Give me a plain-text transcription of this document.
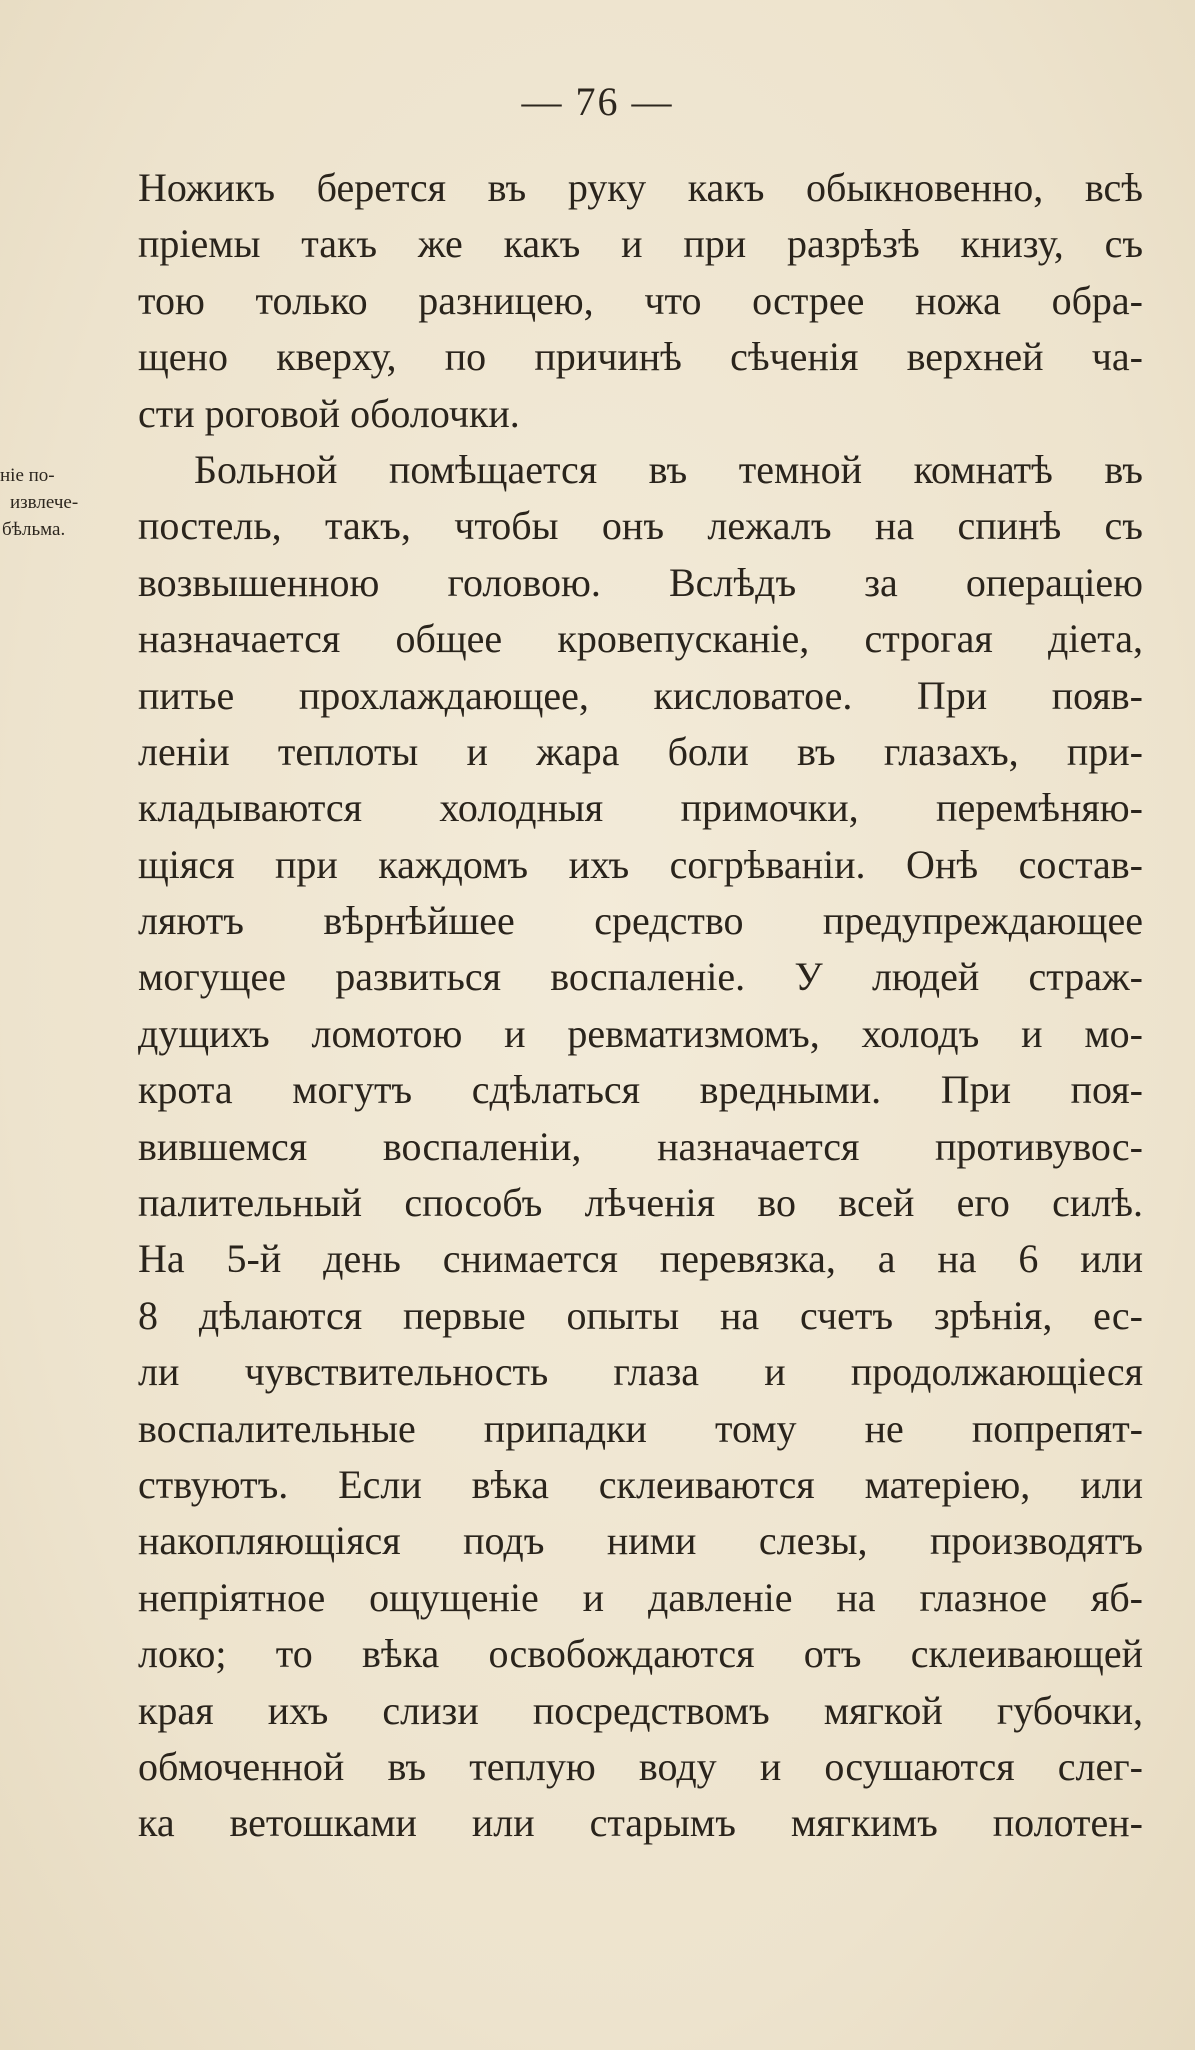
— 76 —
ніе по-
извлече-
бѣльма.
Ножикъ берется въ руку какъ обыкновенно, всѣ
пріемы такъ же какъ и при разрѣзѣ книзу, съ
тою только разницею, что острее ножа обра-
щено кверху, по причинѣ сѣченія верхней ча-
сти роговой оболочки.
Больной помѣщается въ темной комнатѣ въ
постель, такъ, чтобы онъ лежалъ на спинѣ съ
возвышенною головою. Вслѣдъ за операціею
назначается общее кровепусканіе, строгая діета,
питье прохлаждающее, кисловатое. При появ-
леніи теплоты и жара боли въ глазахъ, при-
кладываются холодныя примочки, перемѣняю-
щіяся при каждомъ ихъ согрѣваніи. Онѣ состав-
ляютъ вѣрнѣйшее средство предупреждающее
могущее развиться воспаленіе. У людей страж-
дущихъ ломотою и ревматизмомъ, холодъ и мо-
крота могутъ сдѣлаться вредными. При поя-
вившемся воспаленіи, назначается противувос-
палительный способъ лѣченія во всей его силѣ.
На 5-й день снимается перевязка, а на 6 или
8 дѣлаются первые опыты на счетъ зрѣнія, ес-
ли чувствительность глаза и продолжающіеся
воспалительные припадки тому не попрепят-
ствуютъ. Если вѣка склеиваются матеріею, или
накопляющіяся подъ ними слезы, производятъ
непріятное ощущеніе и давленіе на глазное яб-
локо; то вѣка освобождаются отъ склеивающей
края ихъ слизи посредствомъ мягкой губочки,
обмоченной въ теплую воду и осушаются слег-
ка ветошками или старымъ мягкимъ полотен-
